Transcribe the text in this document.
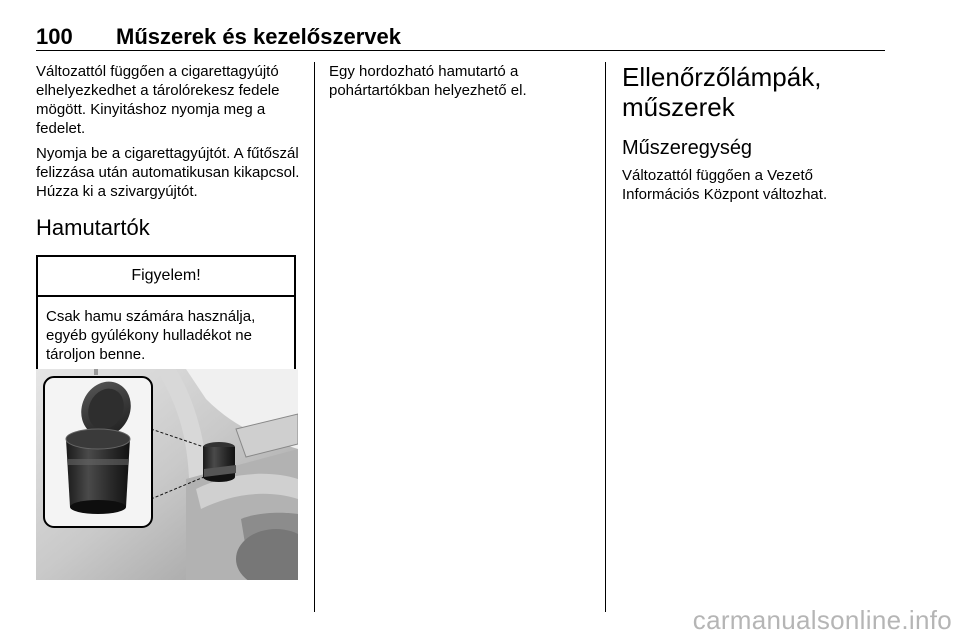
100 Műszerek és kezelőszervek

Változattól függően a cigarettagyújtó elhelyezkedhet a tárolórekesz fedele mögött. Kinyitáshoz nyomja meg a fedelet.

Nyomja be a cigarettagyújtót. A fűtőszál felizzása után automatikusan kikapcsol. Húzza ki a szivargyújtót.

Hamutartók
Figyelem!
Csak hamu számára használja, egyéb gyúlékony hulladékot ne tároljon benne.

Egy hordozható hamutartó a pohártartókban helyezhető el.	Ellenőrzőlámpák, műszerek
Műszeregység

Változattól függően a Vezető Információs Központ változhat.

carmanualsonline.info
